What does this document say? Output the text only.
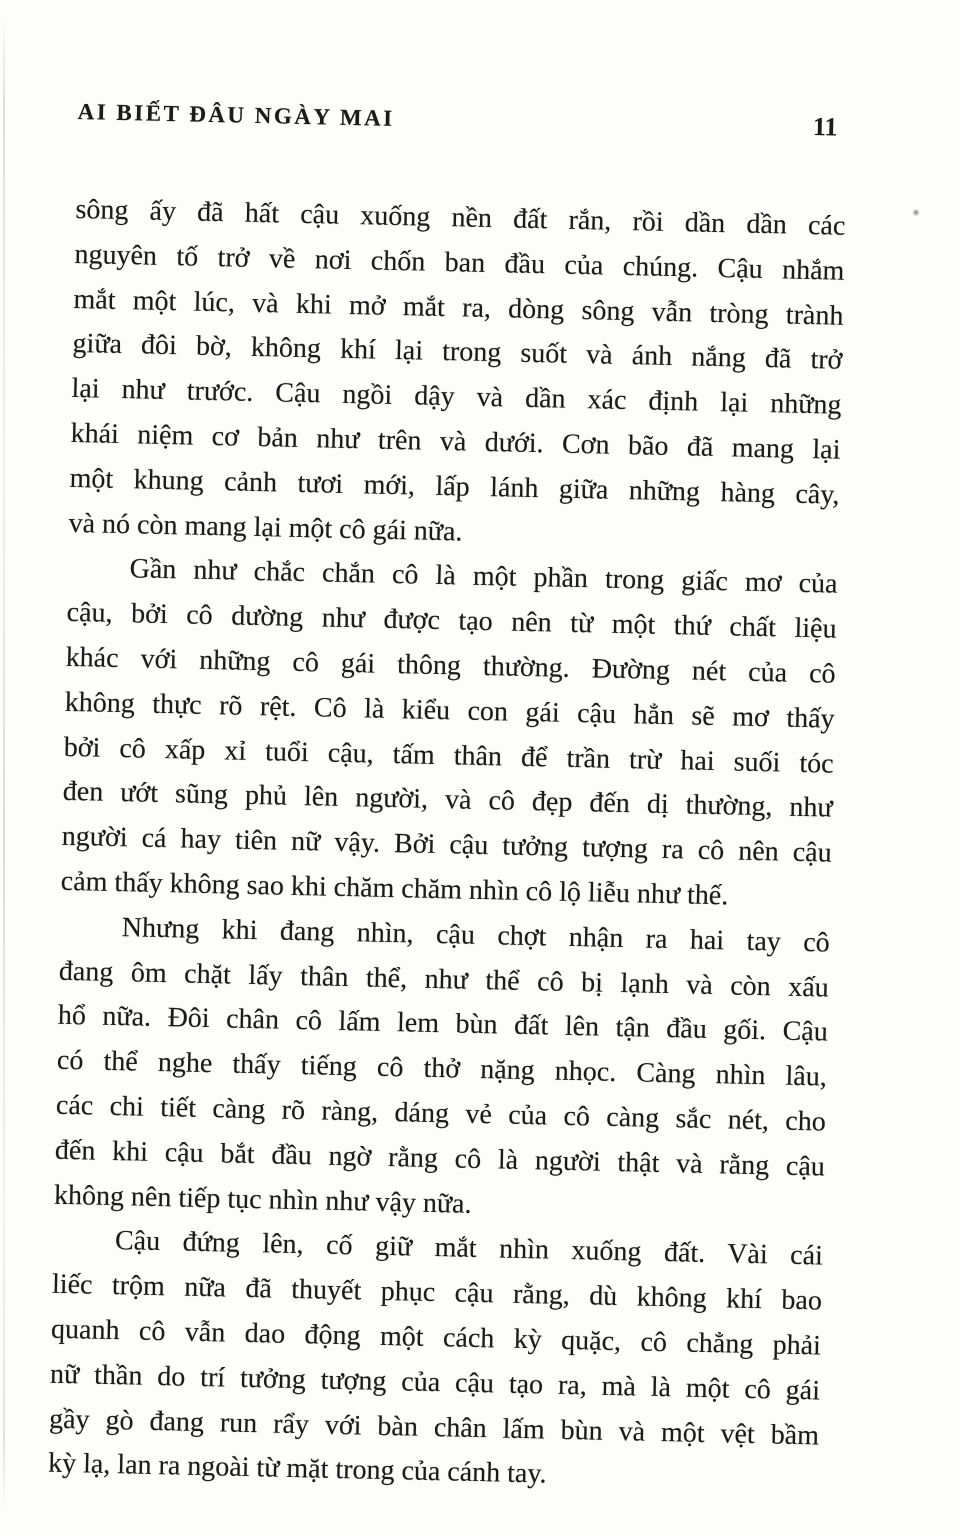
AI BIẾT ĐÂU NGÀY MAI	11
sông ấy đã hất cậu xuống nền đất rắn, rồi dần dần các
nguyên tố trở về nơi chốn ban đầu của chúng. Cậu nhắm
mắt một lúc, và khi mở mắt ra, dòng sông vẫn tròng trành
giữa đôi bờ, không khí lại trong suốt và ánh nắng đã trở
lại như trước. Cậu ngồi dậy và dần xác định lại những
khái niệm cơ bản như trên và dưới. Cơn bão đã mang lại
một khung cảnh tươi mới, lấp lánh giữa những hàng cây,
và nó còn mang lại một cô gái nữa.
Gần như chắc chắn cô là một phần trong giấc mơ của
cậu, bởi cô dường như được tạo nên từ một thứ chất liệu
khác với những cô gái thông thường. Đường nét của cô
không thực rõ rệt. Cô là kiểu con gái cậu hẳn sẽ mơ thấy
bởi cô xấp xỉ tuổi cậu, tấm thân để trần trừ hai suối tóc
đen ướt sũng phủ lên người, và cô đẹp đến dị thường, như
người cá hay tiên nữ vậy. Bởi cậu tưởng tượng ra cô nên cậu
cảm thấy không sao khi chăm chăm nhìn cô lộ liễu như thế.
Nhưng khi đang nhìn, cậu chợt nhận ra hai tay cô
đang ôm chặt lấy thân thể, như thể cô bị lạnh và còn xấu
hổ nữa. Đôi chân cô lấm lem bùn đất lên tận đầu gối. Cậu
có thể nghe thấy tiếng cô thở nặng nhọc. Càng nhìn lâu,
các chi tiết càng rõ ràng, dáng vẻ của cô càng sắc nét, cho
đến khi cậu bắt đầu ngờ rằng cô là người thật và rằng cậu
không nên tiếp tục nhìn như vậy nữa.
Cậu đứng lên, cố giữ mắt nhìn xuống đất. Vài cái
liếc trộm nữa đã thuyết phục cậu rằng, dù không khí bao
quanh cô vẫn dao động một cách kỳ quặc, cô chẳng phải
nữ thần do trí tưởng tượng của cậu tạo ra, mà là một cô gái
gầy gò đang run rẩy với bàn chân lấm bùn và một vệt bầm
kỳ lạ, lan ra ngoài từ mặt trong của cánh tay.
